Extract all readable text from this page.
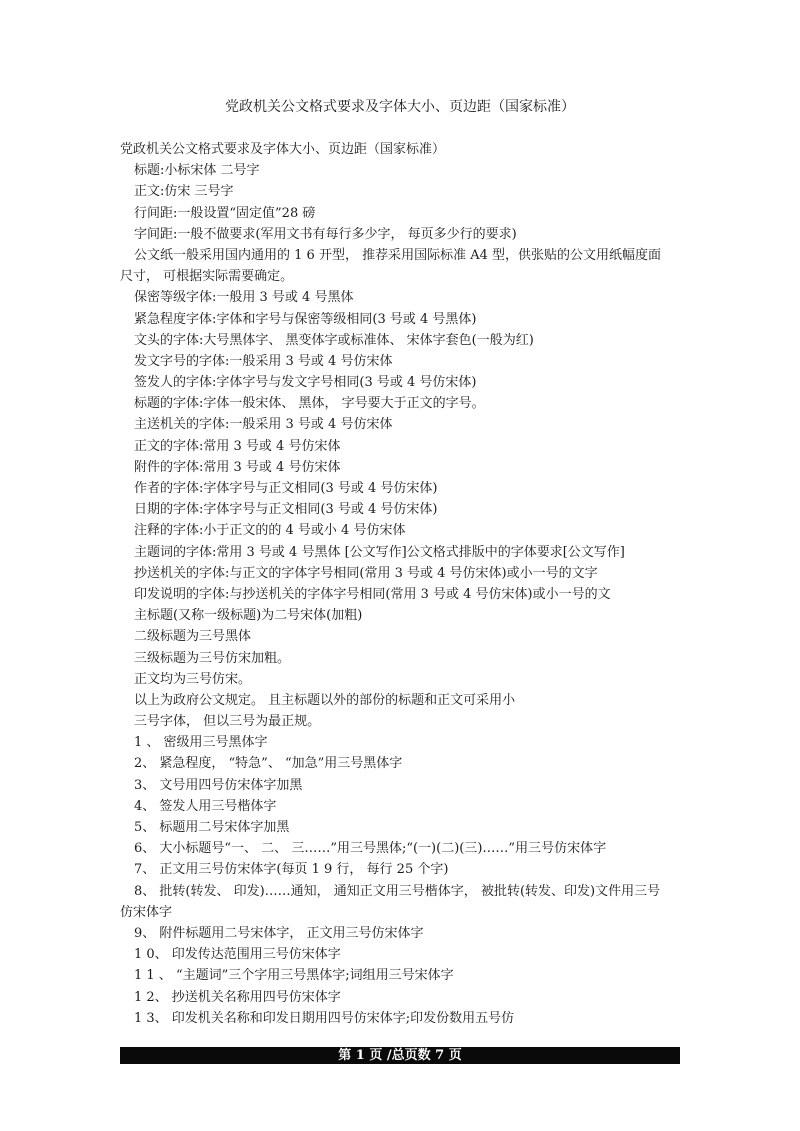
党政机关公文格式要求及字体大小、页边距（国家标准）
党政机关公文格式要求及字体大小、页边距（国家标准）
标题:小标宋体 二号字
正文:仿宋 三号字
行间距:一般设置“固定值”28 磅
字间距:一般不做要求(军用文书有每行多少字， 每页多少行的要求)
公文纸一般采用国内通用的 1 6 开型， 推荐采用国际标准 A4 型，供张贴的公文用纸幅度面
尺寸， 可根据实际需要确定。
保密等级字体:一般用 3 号或 4 号黑体
紧急程度字体:字体和字号与保密等级相同(3 号或 4 号黑体)
文头的字体:大号黑体字、 黑变体字或标准体、 宋体字套色(一般为红)
发文字号的字体:一般采用 3 号或 4 号仿宋体
签发人的字体:字体字号与发文字号相同(3 号或 4 号仿宋体)
标题的字体:字体一般宋体、 黑体， 字号要大于正文的字号。
主送机关的字体:一般采用 3 号或 4 号仿宋体
正文的字体:常用 3 号或 4 号仿宋体
附件的字体:常用 3 号或 4 号仿宋体
作者的字体:字体字号与正文相同(3 号或 4 号仿宋体)
日期的字体:字体字号与正文相同(3 号或 4 号仿宋体)
注释的字体:小于正文的的 4 号或小 4 号仿宋体
主题词的字体:常用 3 号或 4 号黑体 [公文写作]公文格式排版中的字体要求[公文写作]
抄送机关的字体:与正文的字体字号相同(常用 3 号或 4 号仿宋体)或小一号的文字
印发说明的字体:与抄送机关的字体字号相同(常用 3 号或 4 号仿宋体)或小一号的文
主标题(又称一级标题)为二号宋体(加粗)
二级标题为三号黑体
三级标题为三号仿宋加粗。
正文均为三号仿宋。
以上为政府公文规定。 且主标题以外的部份的标题和正文可采用小
三号字体， 但以三号为最正规。
1 、 密级用三号黑体字
2、 紧急程度， “特急”、 “加急”用三号黑体字
3、 文号用四号仿宋体字加黑
4、 签发人用三号楷体字
5、 标题用二号宋体字加黑
6、 大小标题号“一、 二、 三……”用三号黑体;“(一)(二)(三)……”用三号仿宋体字
7、 正文用三号仿宋体字(每页 1 9 行， 每行 25 个字)
8、 批转(转发、 印发)……通知， 通知正文用三号楷体字， 被批转(转发、印发)文件用三号
仿宋体字
9、 附件标题用二号宋体字， 正文用三号仿宋体字
1 0、 印发传达范围用三号仿宋体字
1 1 、 “主题词”三个字用三号黑体字;词组用三号宋体字
1 2、 抄送机关名称用四号仿宋体字
1 3、 印发机关名称和印发日期用四号仿宋体字;印发份数用五号仿
第 1 页 /总页数 7 页
